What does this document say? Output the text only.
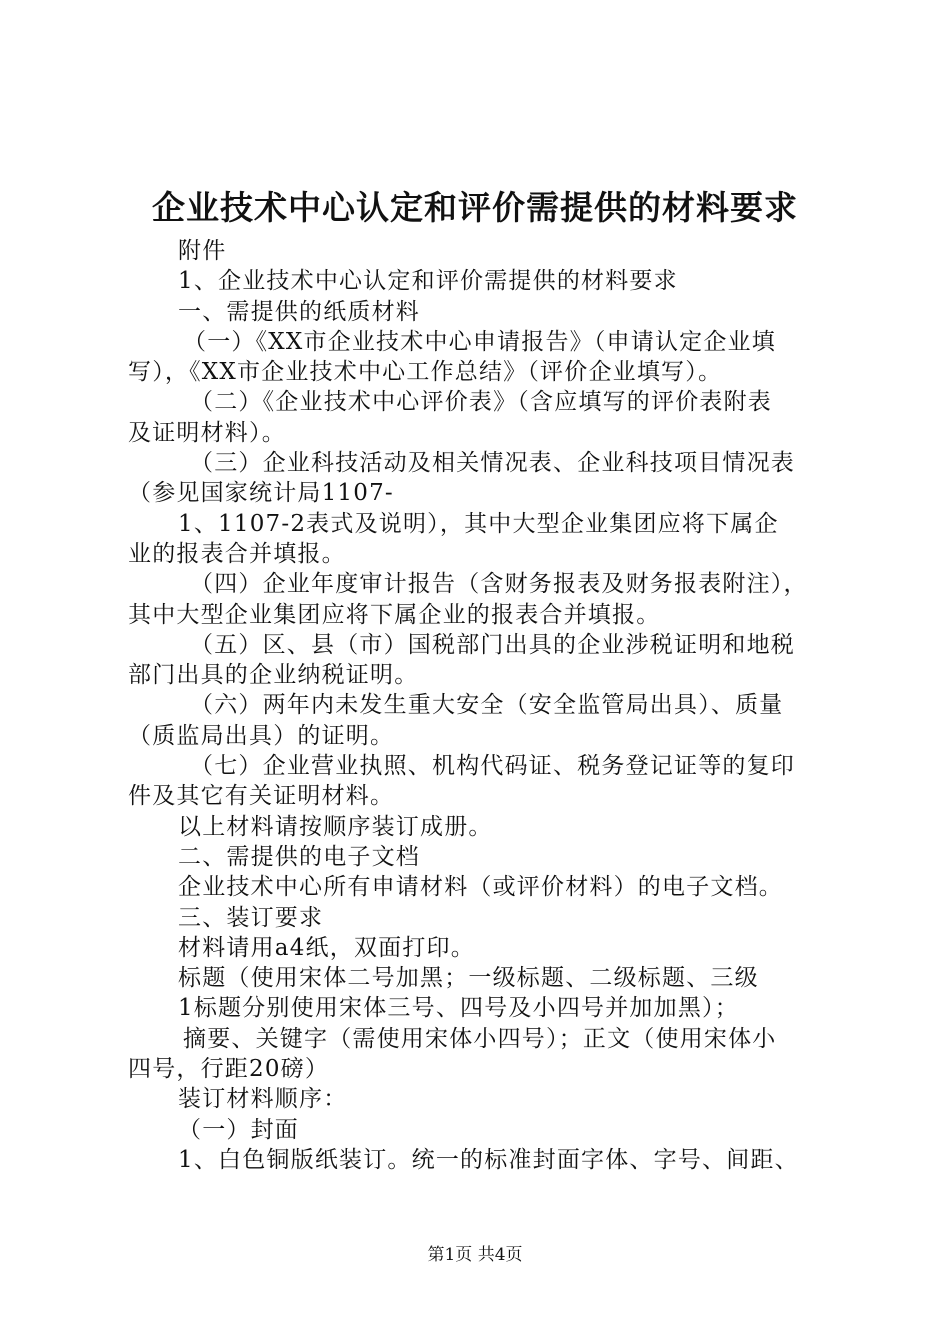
企业技术中心认定和评价需提供的材料要求

附件

1、企业技术中心认定和评价需提供的材料要求

一、需提供的纸质材料

（一）《XX市企业技术中心申请报告》（申请认定企业填

写），《XX市企业技术中心工作总结》（评价企业填写）。

（二）《企业技术中心评价表》（含应填写的评价表附表

及证明材料）。

（三）企业科技活动及相关情况表、企业科技项目情况表

（参见国家统计局1107-

1、1107-2表式及说明），其中大型企业集团应将下属企

业的报表合并填报。

（四）企业年度审计报告（含财务报表及财务报表附注），

其中大型企业集团应将下属企业的报表合并填报。

（五）区、县（市）国税部门出具的企业涉税证明和地税

部门出具的企业纳税证明。

（六）两年内未发生重大安全（安全监管局出具）、质量

（质监局出具）的证明。

（七）企业营业执照、机构代码证、税务登记证等的复印

件及其它有关证明材料。

以上材料请按顺序装订成册。

二、需提供的电子文档

企业技术中心所有申请材料（或评价材料）的电子文档。

三、装订要求

材料请用a4纸，双面打印。

标题（使用宋体二号加黑；一级标题、二级标题、三级

1标题分别使用宋体三号、四号及小四号并加加黑）；

摘要、关键字（需使用宋体小四号）；正文（使用宋体小

四号，行距20磅）

装订材料顺序：

（一）封面

1、白色铜版纸装订。统一的标准封面字体、字号、间距、

第1页 共4页
